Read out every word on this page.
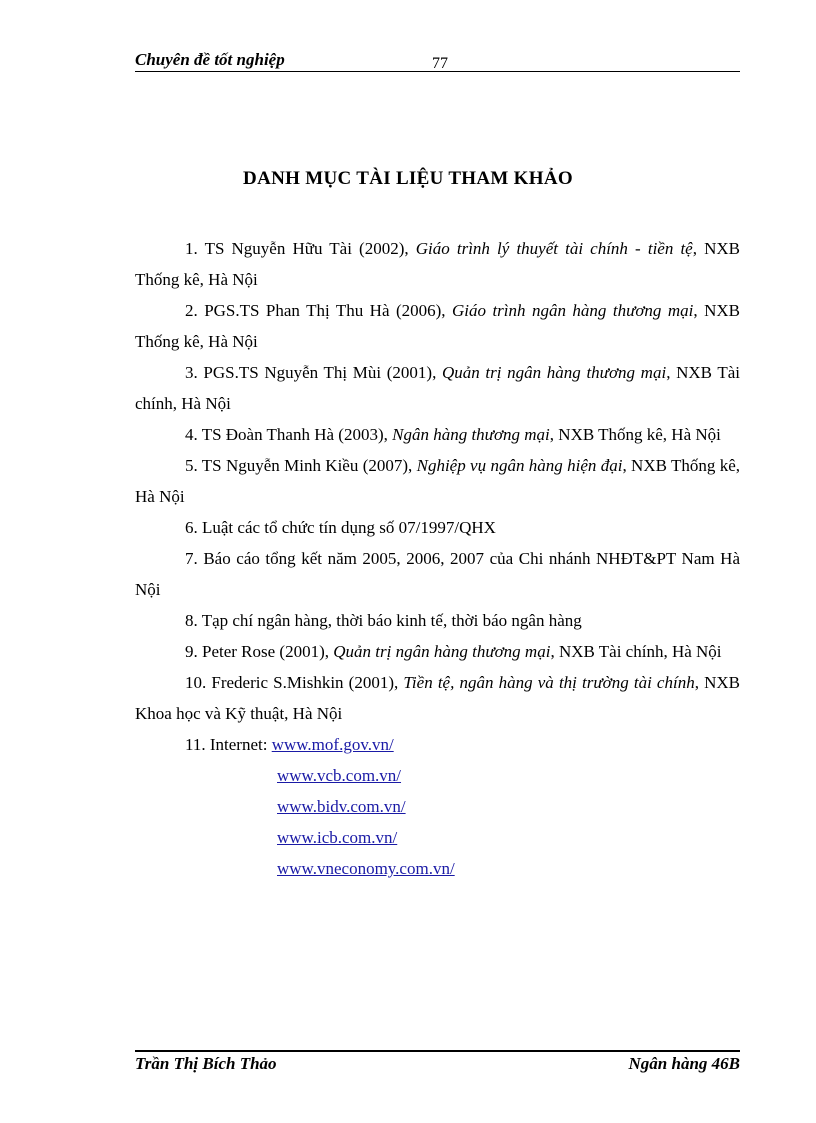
Chuyên đề tốt nghiệp	77
DANH MỤC TÀI LIỆU THAM KHẢO
1. TS Nguyễn Hữu Tài (2002), Giáo trình lý thuyết tài chính - tiền tệ, NXB Thống kê, Hà Nội
2. PGS.TS Phan Thị Thu Hà (2006), Giáo trình ngân hàng thương mại, NXB Thống kê, Hà Nội
3. PGS.TS Nguyễn Thị Mùi (2001), Quản trị ngân hàng thương mại, NXB Tài chính, Hà Nội
4. TS Đoàn Thanh Hà (2003), Ngân hàng thương mại, NXB Thống kê, Hà Nội
5. TS Nguyễn Minh Kiều (2007), Nghiệp vụ ngân hàng hiện đại, NXB Thống kê, Hà Nội
6. Luật các tổ chức tín dụng số 07/1997/QHX
7. Báo cáo tổng kết năm 2005, 2006, 2007 của Chi nhánh NHĐT&PT Nam Hà Nội
8. Tạp chí ngân hàng, thời báo kinh tế, thời báo ngân hàng
9. Peter Rose (2001), Quản trị ngân hàng thương mại, NXB Tài chính, Hà Nội
10. Frederic S.Mishkin (2001), Tiền tệ, ngân hàng và thị trường tài chính, NXB Khoa học và Kỹ thuật, Hà Nội
11. Internet: www.mof.gov.vn/
www.vcb.com.vn/
www.bidv.com.vn/
www.icb.com.vn/
www.vneconomy.com.vn/
Trần Thị Bích Thảo	Ngân hàng 46B
